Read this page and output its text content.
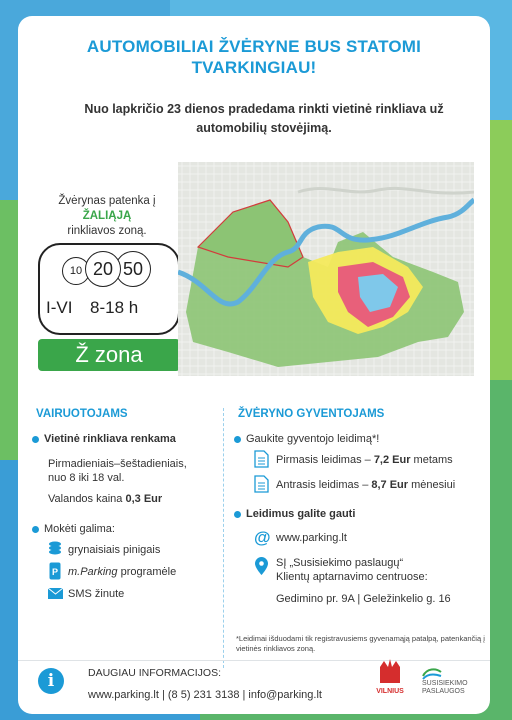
AUTOMOBILIAI ŽVĖRYNE BUS STATOMI
TVARKINGIAU!
Nuo lapkričio 23 dienos pradedama rinkti vietinė rinkliava už
automobilių stovėjimą.
Žvėrynas patenka į
ŽALIĄJĄ
rinkliavos zoną.
10	50
20
I-VI 8-18 h
Ž zona
VAIRUOTOJAMS
Vietinė rinkliava renkama
Pirmadieniais–šeštadieniais,
nuo 8 iki 18 val.
Valandos kaina 0,3 Eur
Mokėti galima:
grynaisiais pinigais
P m.Parking programėle
SMS žinute
ŽVĖRYNO GYVENTOJAMS
Gaukite gyventojo leidimą*!
Pirmasis leidimas – 7,2 Eur metams
Antrasis leidimas – 8,7 Eur mėnesiui
Leidimus galite gauti
@ www.parking.lt
SĮ „Susisiekimo paslaugų“
Klientų aptarnavimo centruose:
Gedimino pr. 9A | Geležinkelio g. 16
*Leidimai išduodami tik registravusiems gyvenamąją patalpą, patenkančią į vietinės rinkliavos zoną.
i	DAUGIAU INFORMACIJOS:
www.parking.lt | (8 5) 231 3138 | info@parking.lt	VILNIUS
SUSISIEKIMO
PASLAUGOS
